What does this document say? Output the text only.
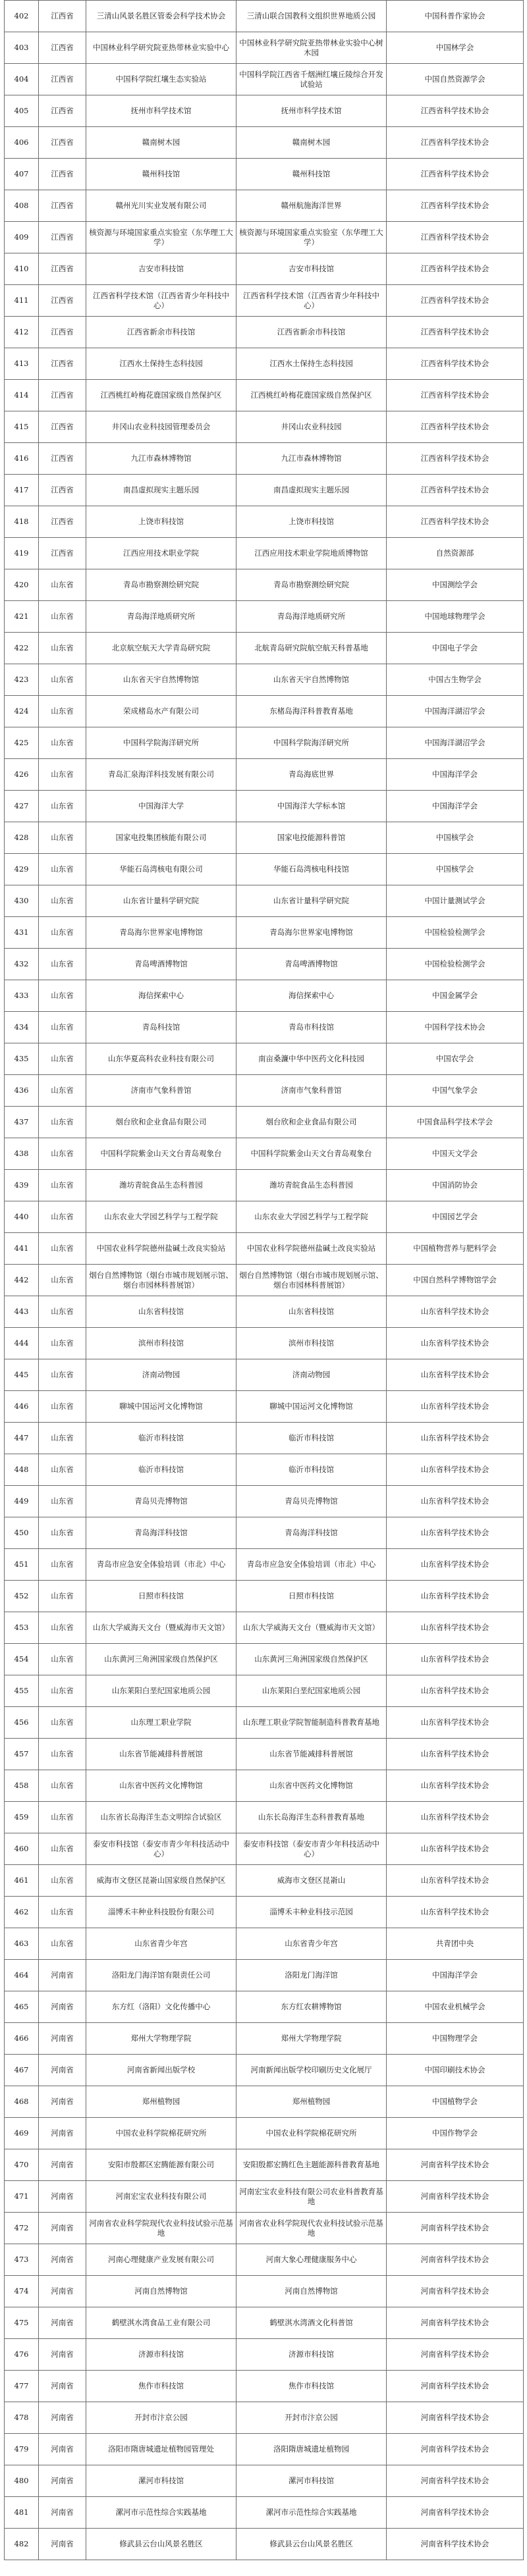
402	江西省	三清山风景名胜区管委会科学技术协会	三清山联合国教科文组织世界地质公园	中国科普作家协会
403	江西省	中国林业科学研究院亚热带林业实验中心	中国林业科学研究院亚热带林业实验中心树木园	中国林学会
404	江西省	中国科学院红壤生态实验站	中国科学院江西省千烟洲红壤丘陵综合开发试验站	中国自然资源学会
405	江西省	抚州市科学技术馆	抚州市科学技术馆	江西省科学技术协会
406	江西省	赣南树木园	赣南树木园	江西省科学技术协会
407	江西省	赣州科技馆	赣州科技馆	江西省科学技术协会
408	江西省	赣州光川实业发展有限公司	赣州航施海洋世界	江西省科学技术协会
409	江西省	核资源与环境国家重点实验室（东华理工大学）	核资源与环境国家重点实验室（东华理工大学）	江西省科学技术协会
410	江西省	吉安市科技馆	吉安市科技馆	江西省科学技术协会
411	江西省	江西省科学技术馆（江西省青少年科技中心）	江西省科学技术馆（江西省青少年科技中心）	江西省科学技术协会
412	江西省	江西省新余市科技馆	江西省新余市科技馆	江西省科学技术协会
413	江西省	江西水土保持生态科技园	江西水土保持生态科技园	江西省科学技术协会
414	江西省	江西桃红岭梅花鹿国家级自然保护区	江西桃红岭梅花鹿国家级自然保护区	江西省科学技术协会
415	江西省	井冈山农业科技园管理委员会	井冈山农业科技园	江西省科学技术协会
416	江西省	九江市森林博物馆	九江市森林博物馆	江西省科学技术协会
417	江西省	南昌虚拟现实主题乐园	南昌虚拟现实主题乐园	江西省科学技术协会
418	江西省	上饶市科技馆	上饶市科技馆	江西省科学技术协会
419	江西省	江西应用技术职业学院	江西应用技术职业学院地质博物馆	自然资源部
420	山东省	青岛市勘察测绘研究院	青岛市勘察测绘研究院	中国测绘学会
421	山东省	青岛海洋地质研究所	青岛海洋地质研究所	中国地球物理学会
422	山东省	北京航空航天大学青岛研究院	北航青岛研究院航空航天科普基地	中国电子学会
423	山东省	山东省天宇自然博物馆	山东省天宇自然博物馆	中国古生物学会
424	山东省	荣成楮岛水产有限公司	东楮岛海洋科普教育基地	中国海洋湖沼学会
425	山东省	中国科学院海洋研究所	中国科学院海洋研究所	中国海洋湖沼学会
426	山东省	青岛汇泉海洋科技发展有限公司	青岛海底世界	中国海洋学会
427	山东省	中国海洋大学	中国海洋大学标本馆	中国海洋学会
428	山东省	国家电投集团核能有限公司	国家电投能源科普馆	中国核学会
429	山东省	华能石岛湾核电有限公司	华能石岛湾核电科技馆	中国核学会
430	山东省	山东省计量科学研究院	山东省计量科学研究院	中国计量测试学会
431	山东省	青岛海尔世界家电博物馆	青岛海尔世界家电博物馆	中国检验检测学会
432	山东省	青岛啤酒博物馆	青岛啤酒博物馆	中国检验检测学会
433	山东省	海信探索中心	海信探索中心	中国金属学会
434	山东省	青岛科技馆	青岛市科技馆	中国科学技术协会
435	山东省	山东华夏高科农业科技有限公司	南亩桑濂中华中医药文化科技园	中国农学会
436	山东省	济南市气象科普馆	济南市气象科普馆	中国气象学会
437	山东省	烟台欣和企业食品有限公司	烟台欣和企业食品有限公司	中国食品科学技术学会
438	山东省	中国科学院紫金山天文台青岛观象台	中国科学院紫金山天文台青岛观象台	中国天文学会
439	山东省	潍坊青皖食品生态科普园	潍坊青皖食品生态科普园	中国消防协会
440	山东省	山东农业大学园艺科学与工程学院	山东农业大学园艺科学与工程学院	中国园艺学会
441	山东省	中国农业科学院德州盐碱土改良实验站	中国农业科学院德州盐碱土改良实验站	中国植物营养与肥料学会
442	山东省	烟台自然博物馆（烟台市城市规划展示馆、烟台市园林科普展馆）	烟台自然博物馆（烟台市城市规划展示馆、烟台市园林科普展馆）	中国自然科学博物馆学会
443	山东省	山东省科技馆	山东省科技馆	山东省科学技术协会
444	山东省	滨州市科技馆	滨州市科技馆	山东省科学技术协会
445	山东省	济南动物园	济南动物园	山东省科学技术协会
446	山东省	聊城中国运河文化博物馆	聊城中国运河文化博物馆	山东省科学技术协会
447	山东省	临沂市科技馆	临沂市科技馆	山东省科学技术协会
448	山东省	临沂市科技馆	临沂市科技馆	山东省科学技术协会
449	山东省	青岛贝壳博物馆	青岛贝壳博物馆	山东省科学技术协会
450	山东省	青岛海洋科技馆	青岛海洋科技馆	山东省科学技术协会
451	山东省	青岛市应急安全体验培训（市北）中心	青岛市应急安全体验培训（市北）中心	山东省科学技术协会
452	山东省	日照市科技馆	日照市科技馆	山东省科学技术协会
453	山东省	山东大学威海天文台（暨威海市天文馆）	山东大学威海天文台（暨威海市天文馆）	山东省科学技术协会
454	山东省	山东黄河三角洲国家级自然保护区	山东黄河三角洲国家级自然保护区	山东省科学技术协会
455	山东省	山东莱阳白垩纪国家地质公园	山东莱阳白垩纪国家地质公园	山东省科学技术协会
456	山东省	山东理工职业学院	山东理工职业学院智能制造科普教育基地	山东省科学技术协会
457	山东省	山东省节能减排科普展馆	山东省节能减排科普展馆	山东省科学技术协会
458	山东省	山东省中医药文化博物馆	山东省中医药文化博物馆	山东省科学技术协会
459	山东省	山东省长岛海洋生态文明综合试验区	山东长岛海洋生态科普教育基地	山东省科学技术协会
460	山东省	泰安市科技馆（泰安市青少年科技活动中心）	泰安市科技馆（泰安市青少年科技活动中心）	山东省科学技术协会
461	山东省	威海市文登区昆嵛山国家级自然保护区	威海市文登区昆嵛山	山东省科学技术协会
462	山东省	淄博禾丰种业科技股份有限公司	淄博禾丰种业科技示范园	山东省科学技术协会
463	山东省	山东省青少年宫	山东省青少年宫	共青团中央
464	河南省	洛阳龙门海洋馆有限责任公司	洛阳龙门海洋馆	中国海洋学会
465	河南省	东方红（洛阳）文化传播中心	东方红农耕博物馆	中国农业机械学会
466	河南省	郑州大学物理学院	郑州大学物理学院	中国物理学会
467	河南省	河南省新闻出版学校	河南新闻出版学校印刷历史文化展厅	中国印刷技术协会
468	河南省	郑州植物园	郑州植物园	中国植物学会
469	河南省	中国农业科学院棉花研究所	中国农业科学院棉花研究所	中国作物学会
470	河南省	安阳市殷都区宏腾能源有限公司	安阳殷都宏腾红色主题能源科普教育基地	河南省科学技术协会
471	河南省	河南宏宝农业科技有限公司	河南宏宝农业科技有限公司农业科普教育基地	河南省科学技术协会
472	河南省	河南省农业科学院现代农业科技试验示范基地	河南省农业科学院现代农业科技试验示范基地	河南省科学技术协会
473	河南省	河南心理健康产业发展有限公司	河南大象心理健康服务中心	河南省科学技术协会
474	河南省	河南自然博物馆	河南自然博物馆	河南省科学技术协会
475	河南省	鹤壁淇水湾食品工业有限公司	鹤壁淇水湾酒文化科普馆	河南省科学技术协会
476	河南省	济源市科技馆	济源市科技馆	河南省科学技术协会
477	河南省	焦作市科技馆	焦作市科技馆	河南省科学技术协会
478	河南省	开封市汴京公园	开封市汴京公园	河南省科学技术协会
479	河南省	洛阳市隋唐城遗址植物园管理处	洛阳隋唐城遗址植物园	河南省科学技术协会
480	河南省	漯河市科技馆	漯河市科技馆	河南省科学技术协会
481	河南省	漯河市示范性综合实践基地	漯河市示范性综合实践基地	河南省科学技术协会
482	河南省	修武县云台山风景名胜区	修武县云台山风景名胜区	河南省科学技术协会
